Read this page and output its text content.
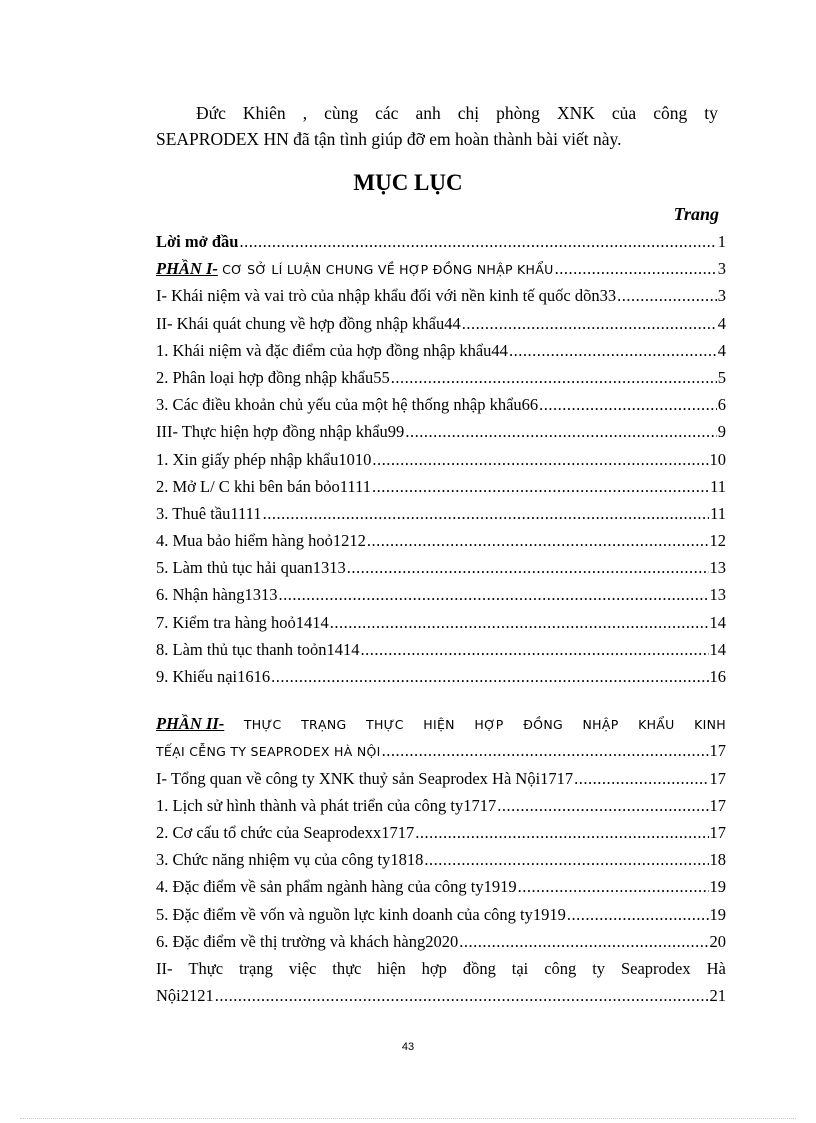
Đức Khiên , cùng các anh chị phòng XNK của công ty
SEAPRODEX HN đã tận tình giúp đỡ em hoàn thành bài viết này.
MỤC LỤC
Trang
Lời mở đầu .....	1
PHẦN I- CƠ SỞ LÍ LUẬN CHUNG VỀ HỢP ĐỒNG NHẬP KHẨU .....	3
I- Khái niệm và vai trò của nhập khẩu đối với nền kinh tế quốc dõn33 .....	3
II- Khái quát chung về hợp đồng nhập khẩu44 .....	4
1. Khái niệm và đặc điểm của hợp đồng nhập khẩu44 .....	4
2. Phân loại hợp đồng nhập khẩu55 .....	5
3. Các điều khoản chủ yếu của một hệ thống nhập khẩu66 .....	6
III- Thực hiện hợp đồng nhập khẩu99 .....	9
1. Xin giấy phép nhập khẩu1010 .....	10
2. Mở L/ C khi bên bán bỏo1111 .....	11
3. Thuê tầu1111 .....	11
4. Mua bảo hiểm hàng hoỏ1212 .....	12
5. Làm thủ tục hải quan1313 .....	13
6. Nhận hàng1313 .....	13
7. Kiểm tra hàng hoỏ1414 .....	14
8. Làm thủ tục thanh toỏn1414 .....	14
9. Khiếu nại1616 .....	16
PHẦN II- THỰC TRẠNG THỰC HIỆN HỢP ĐỒNG NHẬP KHẨU KINH
TẾẠI CỄNG TY SEAPRODEX HÀ NỘI .....	17
I- Tổng quan về công ty XNK thuỷ sản Seaprodex Hà Nội1717 .....	17
1. Lịch sử hình thành và phát triển của công ty1717 .....	17
2. Cơ cấu tổ chức của Seaprodexx1717 .....	17
3. Chức năng nhiệm vụ của công ty1818 .....	18
4. Đặc điểm về sản phẩm ngành hàng của công ty1919 .....	19
5. Đặc điểm về vốn và nguồn lực kinh doanh của công ty1919 .....	19
6. Đặc điểm về thị trường và khách hàng2020 .....	20
II- Thực trạng việc thực hiện hợp đồng tại công ty Seaprodex Hà
Nội2121 .....	21
43
